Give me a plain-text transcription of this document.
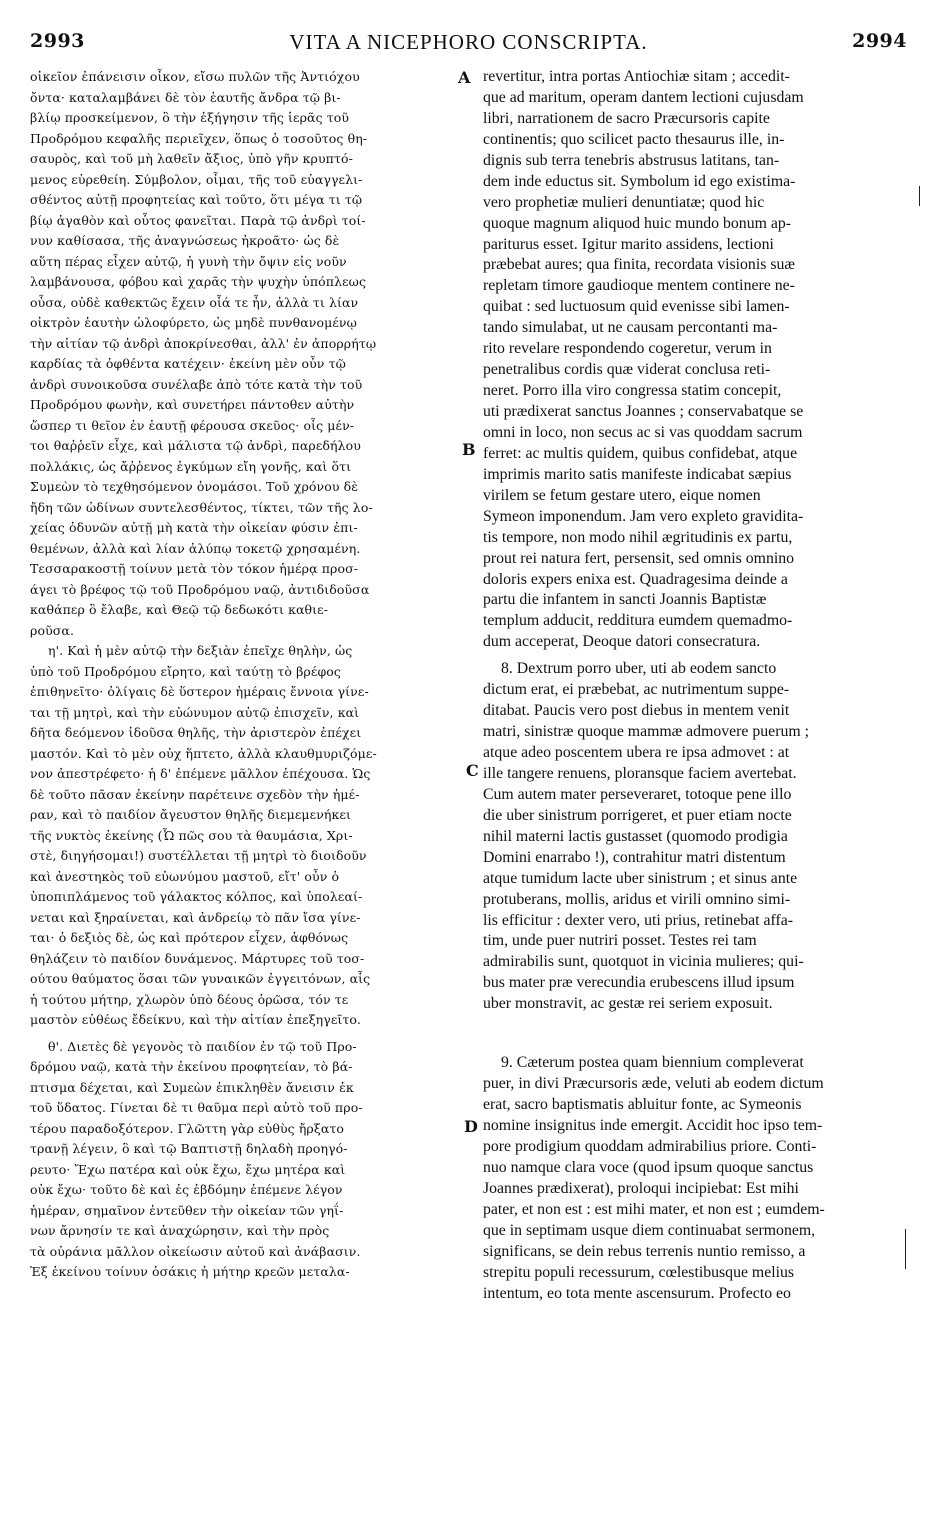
2993	VITA A NICEPHORO CONSCRIPTA.	2994
οἰκεῖον ἐπάνεισιν οἶκον, εἴσω πυλῶν τῆς Ἀντιόχου
ὄντα· καταλαμβάνει δὲ τὸν ἑαυτῆς ἄνδρα τῷ βι-
βλίῳ προσκείμενον, ὃ τὴν ἐξήγησιν τῆς ἱερᾶς τοῦ
Προδρόμου κεφαλῆς περιεῖχεν, ὅπως ὁ τοσοῦτος θη-
σαυρὸς, καὶ τοῦ μὴ λαθεῖν ἄξιος, ὑπὸ γῆν κρυπτό-
μενος εὑρεθείη. Σύμβολον, οἶμαι, τῆς τοῦ εὐαγγελι-
σθέντος αὐτῇ προφητείας καὶ τοῦτο, ὅτι μέγα τι τῷ
βίῳ ἀγαθὸν καὶ οὗτος φανεῖται. Παρὰ τῷ ἀνδρὶ τοί-
νυν καθίσασα, τῆς ἀναγνώσεως ἠκροᾶτο· ὡς δὲ
αὕτη πέρας εἶχεν αὐτῷ, ἡ γυνὴ τὴν ὄψιν εἰς νοῦν
λαμβάνουσα, φόβου καὶ χαρᾶς τὴν ψυχὴν ὑπόπλεως
οὖσα, οὐδὲ καθεκτῶς ἔχειν οἷά τε ἦν, ἀλλὰ τι λίαν
οἰκτρὸν ἑαυτὴν ὠλοφύρετο, ὡς μηδὲ πυνθανομένῳ
τὴν αἰτίαν τῷ ἀνδρὶ ἀποκρίνεσθαι, ἀλλ' ἐν ἀπορρήτῳ
καρδίας τὰ ὀφθέντα κατέχειν· ἐκείνη μὲν οὖν τῷ
ἀνδρὶ συνοικοῦσα συνέλαβε ἀπὸ τότε κατὰ τὴν τοῦ
Προδρόμου φωνὴν, καὶ συνετήρει πάντοθεν αὐτὴν
ὥσπερ τι θεῖον ἐν ἑαυτῇ φέρουσα σκεῦος· οἷς μέν-
τοι θαῤῥεῖν εἶχε, καὶ μάλιστα τῷ ἀνδρὶ, παρεδήλου
πολλάκις, ὡς ἄῤῥενος ἐγκύμων εἴη γονῆς, καὶ ὅτι
Συμεὼν τὸ τεχθησόμενον ὀνομάσοι. Τοῦ χρόνου δὲ
ἤδη τῶν ὠδίνων συντελεσθέντος, τίκτει, τῶν τῆς λο-
χείας ὀδυνῶν αὐτῇ μὴ κατὰ τὴν οἰκείαν φύσιν ἐπι-
θεμένων, ἀλλὰ καὶ λίαν ἀλύπῳ τοκετῷ χρησαμένη.
Τεσσαρακοστῇ τοίνυν μετὰ τὸν τόκον ἡμέρᾳ προσ-
άγει τὸ βρέφος τῷ τοῦ Προδρόμου ναῷ, ἀντιδιδοῦσα
καθάπερ ὃ ἔλαβε, καὶ Θεῷ τῷ δεδωκότι καθιε-
ροῦσα.
η'. Καὶ ἡ μὲν αὐτῷ τὴν δεξιὰν ἐπεῖχε θηλὴν, ὡς
ὑπὸ τοῦ Προδρόμου εἴρητο, καὶ ταύτῃ τὸ βρέφος
ἐπιθηνεῖτο· ὀλίγαις δὲ ὕστερον ἡμέραις ἔννοια γίνε-
ται τῇ μητρὶ, καὶ τὴν εὐώνυμον αὐτῷ ἐπισχεῖν, καὶ
δῆτα δεόμενον ἰδοῦσα θηλῆς, τὴν ἀριστερὸν ἐπέχει
μαστόν. Καὶ τὸ μὲν οὐχ ἥπτετο, ἀλλὰ κλαυθμυριζόμε-
νον ἀπεστρέφετο· ἡ δ' ἐπέμενε μᾶλλον ἐπέχουσα. Ὡς
δὲ τοῦτο πᾶσαν ἐκείνην παρέτεινε σχεδὸν τὴν ἡμέ-
ραν, καὶ τὸ παιδίον ἄγευστον θηλῆς διεμεμενήκει
τῆς νυκτὸς ἐκείνης (Ὦ πῶς σου τὰ θαυμάσια, Χρι-
στὲ, διηγήσομαι!) συστέλλεται τῇ μητρὶ τὸ διοιδοῦν
καὶ ἀνεστηκὸς τοῦ εὐωνύμου μαστοῦ, εἴτ' οὖν ὁ
ὑποπιπλάμενος τοῦ γάλακτος κόλπος, καὶ ὑπολεαί-
νεται καὶ ξηραίνεται, καὶ ἀνδρείῳ τὸ πᾶν ἴσα γίνε-
ται· ὁ δεξιὸς δὲ, ὡς καὶ πρότερον εἶχεν, ἀφθόνως
θηλάζειν τὸ παιδίον δυνάμενος. Μάρτυρες τοῦ τοσ-
ούτου θαύματος ὅσαι τῶν γυναικῶν ἐγγειτόνων, αἷς
ἡ τούτου μήτηρ, χλωρὸν ὑπὸ δέους ὁρῶσα, τόν τε
μαστὸν εὐθέως ἔδείκνυ, καὶ τὴν αἰτίαν ἐπεξηγεῖτο.
θ'. Διετὲς δὲ γεγονὸς τὸ παιδίον ἐν τῷ τοῦ Προ-
δρόμου ναῷ, κατὰ τὴν ἐκείνου προφητείαν, τὸ βά-
πτισμα δέχεται, καὶ Συμεὼν ἐπικληθὲν ἄνεισιν ἐκ
τοῦ ὕδατος. Γίνεται δὲ τι θαῦμα περὶ αὐτὸ τοῦ προ-
τέρου παραδοξότερον. Γλῶττη γὰρ εὐθὺς ἤρξατο
τρανῇ λέγειν, ὃ καὶ τῷ Βαπτιστῇ δηλαδὴ προηγό-
ρευτο· Ἔχω πατέρα καὶ οὐκ ἔχω, ἔχω μητέρα καὶ
οὐκ ἔχω· τοῦτο δὲ καὶ ἐς ἑβδόμην ἐπέμενε λέγον
ἡμέραν, σημαῖνον ἐντεῦθεν τὴν οἰκείαν τῶν γηΐ-
νων ἄρνησίν τε καὶ ἀναχώρησιν, καὶ τὴν πρὸς
τὰ οὐράνια μᾶλλον οἰκείωσιν αὐτοῦ καὶ ἀνάβασιν.
Ἐξ ἐκείνου τοίνυν ὁσάκις ἡ μήτηρ κρεῶν μεταλα-
revertitur, intra portas Antiochiæ sitam ; accedit-
que ad maritum, operam dantem lectioni cujusdam
libri, narrationem de sacro Præcursoris capite
continentis; quo scilicet pacto thesaurus ille, in-
dignis sub terra tenebris abstrusus latitans, tan-
dem inde eductus sit. Symbolum id ego existima-
vero prophetiæ mulieri denuntiatæ; quod hic
quoque magnum aliquod huic mundo bonum ap-
pariturus esset. Igitur marito assidens, lectioni
præbebat aures; qua finita, recordata visionis suæ
repletam timore gaudioque mentem continere ne-
quibat : sed luctuosum quid evenisse sibi lamen-
tando simulabat, ut ne causam percontanti ma-
rito revelare respondendo cogeretur, verum in
penetralibus cordis quæ viderat conclusa reti-
neret. Porro illa viro congressa statim concepit,
uti prædixerat sanctus Joannes ; conservabatque se
omni in loco, non secus ac si vas quoddam sacrum
ferret: ac multis quidem, quibus confidebat, atque
imprimis marito satis manifeste indicabat sæpius
virilem se fetum gestare utero, eique nomen
Symeon imponendum. Jam vero expleto graviditа-
tis tempore, non modo nihil ægritudinis ex partu,
prout rei natura fert, persensit, sed omnis omnino
doloris expers enixa est. Quadragesima deinde a
partu die infantem in sancti Joannis Baptistæ
templum adducit, redditura eumdem quemadmo-
dum acceperat, Deoque datori consecratura.
8. Dextrum porro uber, uti ab eodem sancto
dictum erat, ei præbebat, ac nutrimentum suppe-
ditabat. Paucis vero post diebus in mentem venit
matri, sinistræ quoque mammæ admovere puerum ;
atque adeo poscentem ubera re ipsa admovet : at
ille tangere renuens, ploransque faciem avertebat.
Cum autem mater perseveraret, totoque pene illo
die uber sinistrum porrigeret, et puer etiam nocte
nihil materni lactis gustasset (quomodo prodigia
Domini enarrabo !), contrahitur matri distentum
atque tumidum lacte uber sinistrum ; et sinus ante
protuberans, mollis, aridus et virili omnino simi-
lis efficitur : dexter vero, uti prius, retinebat affa-
tim, unde puer nutriri posset. Testes rei tam
admirabilis sunt, quotquot in vicinia mulieres; qui-
bus mater præ verecundia erubescens illud ipsum
uber monstravit, ac gestæ rei seriem exposuit.
9. Cæterum postea quam biennium compleverat
puer, in divi Præcursoris æde, veluti ab eodem dictum
erat, sacro baptismatis abluitur fonte, ac Symeonis
nomine insignitus inde emergit. Accidit hoc ipso tem-
pore prodigium quoddam admirabilius priore. Conti-
nuo namque clara voce (quod ipsum quoque sanctus
Joannes prædixerat), proloqui incipiebat: Est mihi
pater, et non est : est mihi mater, et non est ; eumdem-
que in septimam usque diem continuabat sermonem,
significans, se dein rebus terrenis nuntio remisso, a
strepitu populi recessurum, cœlestibusque melius
intentum, eo tota mente ascensurum. Profecto eo
A
B
C
D
